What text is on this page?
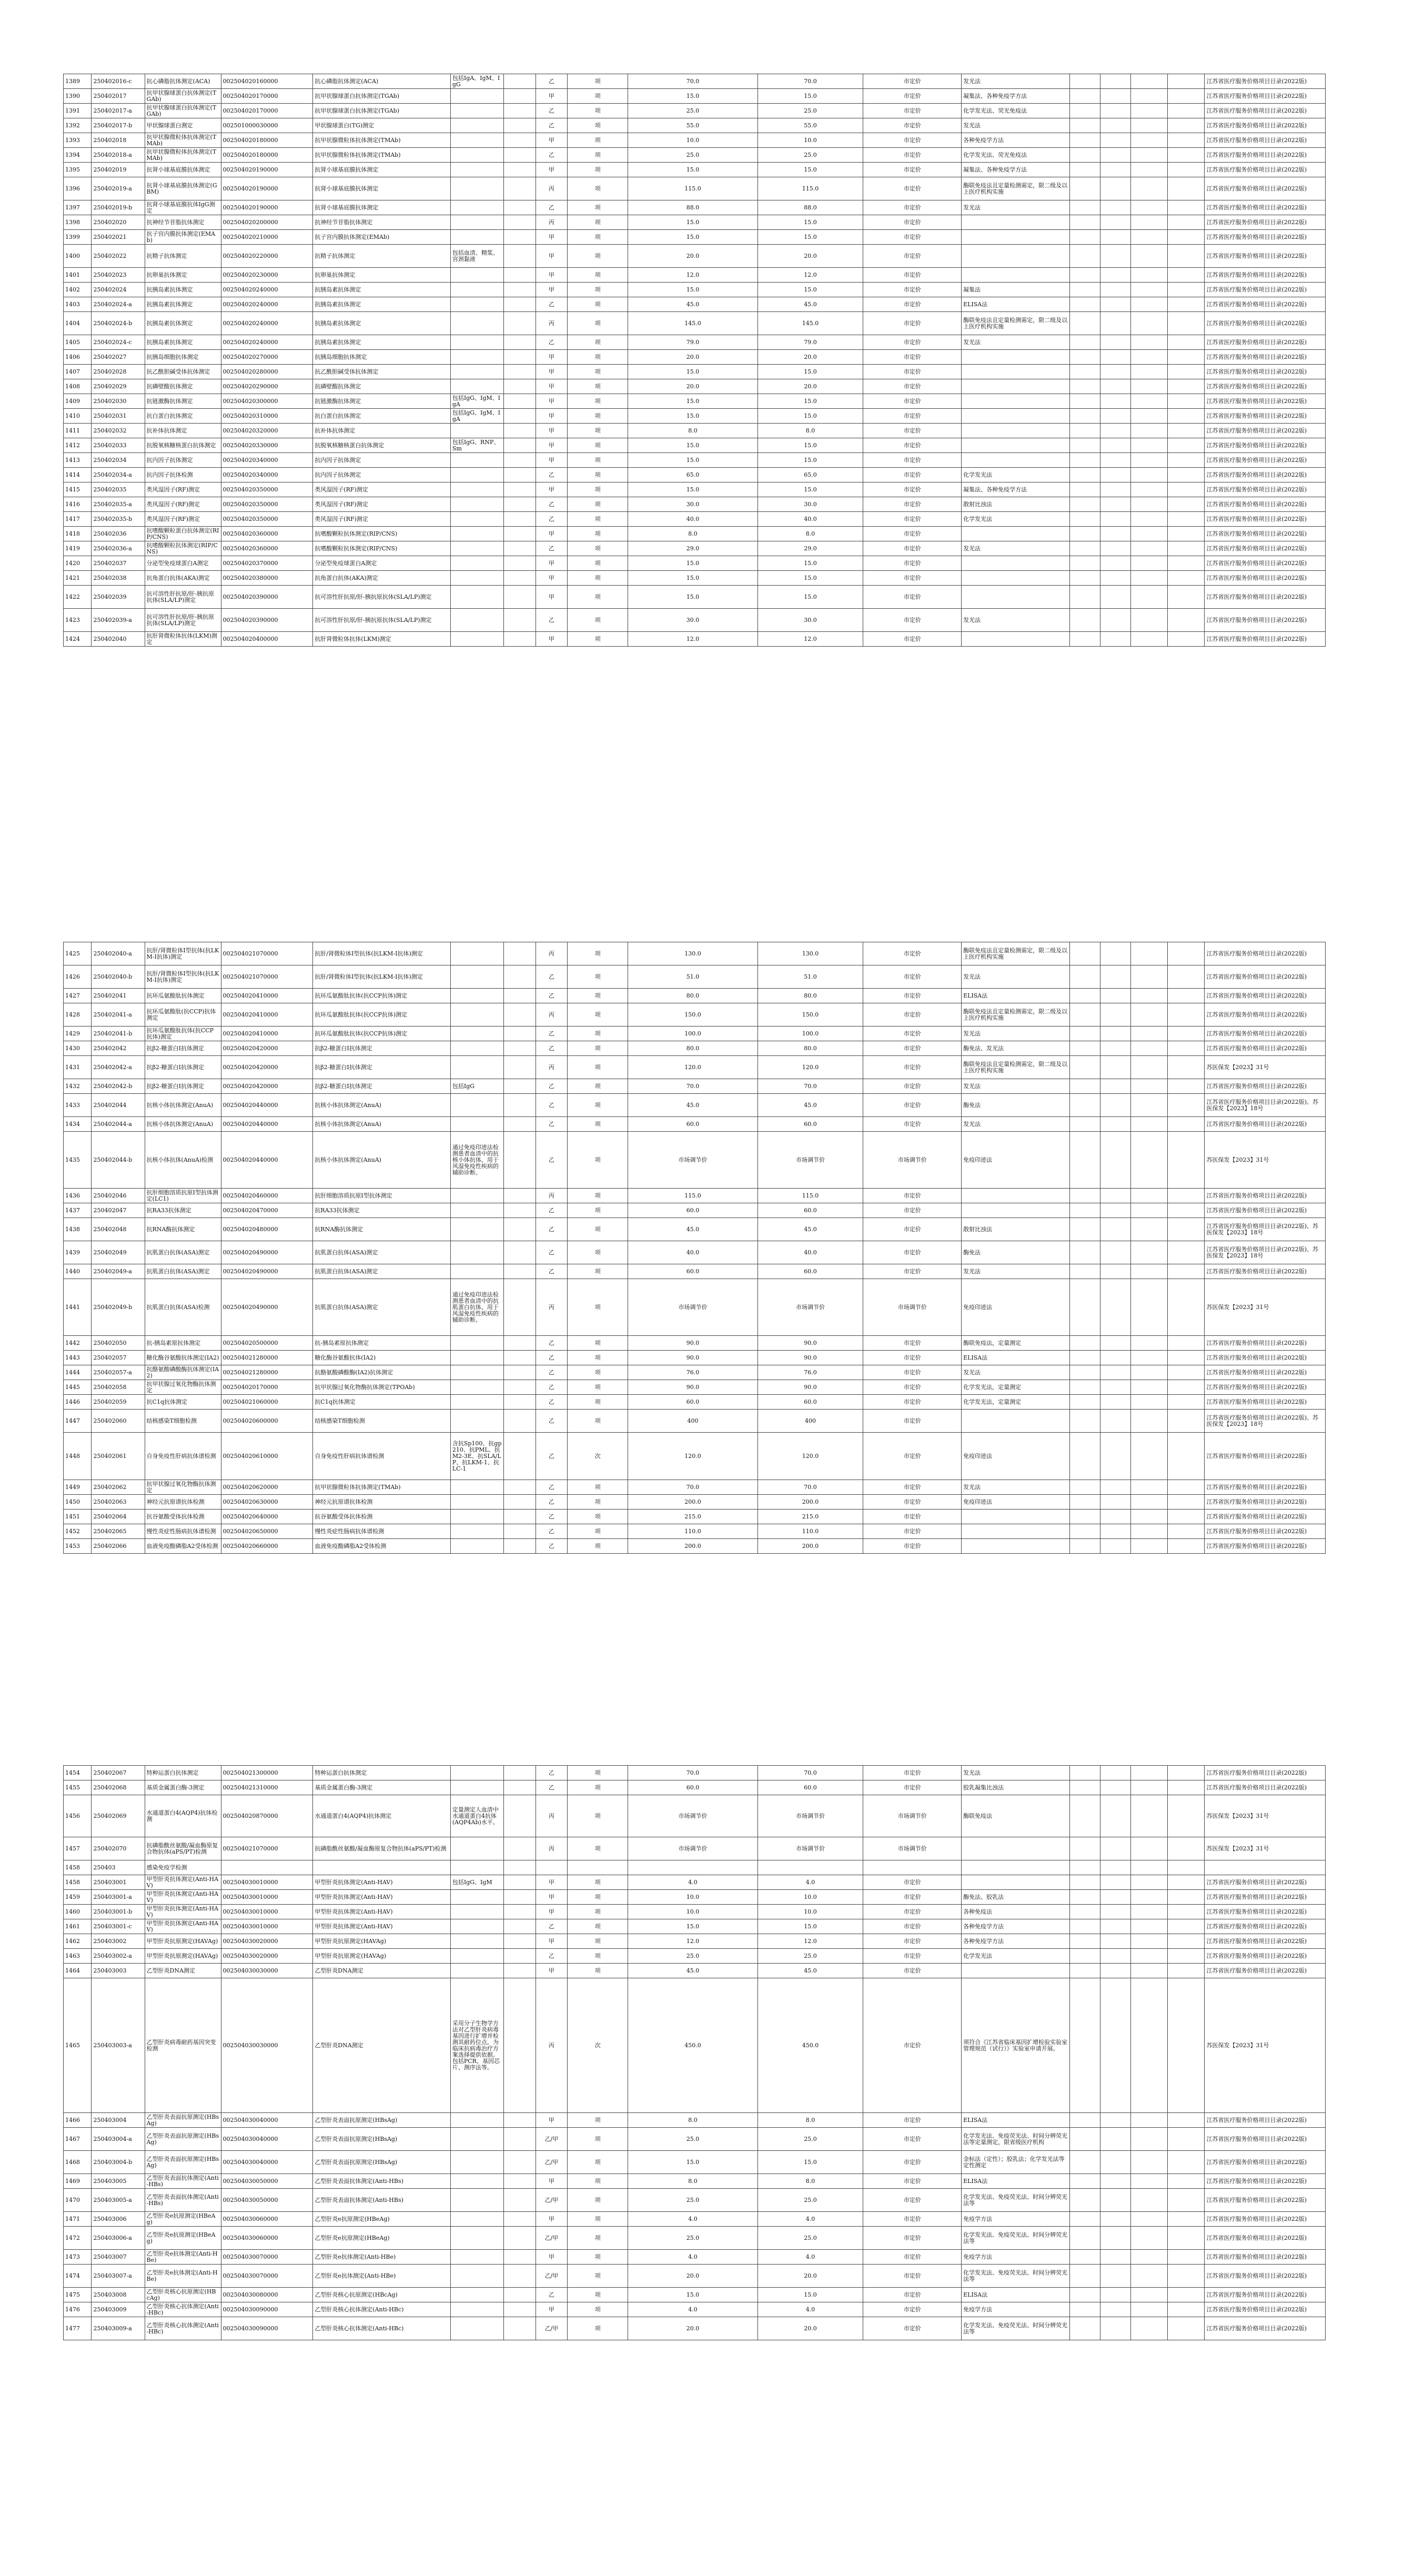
1389	250402016-c	抗心磷脂抗体测定(ACA)	002504020160000	抗心磷脂抗体测定(ACA)	包括IgA、IgM、IgG		乙	项	70.0	70.0	市定价	发光法					江苏省医疗服务价格项目目录(2022版)
1390	250402017	抗甲状腺球蛋白抗体测定(TGAb)	002504020170000	抗甲状腺球蛋白抗体测定(TGAb)			甲	项	15.0	15.0	市定价	凝集法、各种免疫学方法					江苏省医疗服务价格项目目录(2022版)
1391	250402017-a	抗甲状腺球蛋白抗体测定(TGAb)	002504020170000	抗甲状腺球蛋白抗体测定(TGAb)			乙	项	25.0	25.0	市定价	化学发光法、荧光免疫法					江苏省医疗服务价格项目目录(2022版)
1392	250402017-b	甲状腺球蛋白测定	002501000030000	甲状腺球蛋白(TG)测定			乙	项	55.0	55.0	市定价	发光法					江苏省医疗服务价格项目目录(2022版)
1393	250402018	抗甲状腺微粒体抗体测定(TMAb)	002504020180000	抗甲状腺微粒体抗体测定(TMAb)			甲	项	10.0	10.0	市定价	各种免疫学方法					江苏省医疗服务价格项目目录(2022版)
1394	250402018-a	抗甲状腺微粒体抗体测定(TMAb)	002504020180000	抗甲状腺微粒体抗体测定(TMAb)			乙	项	25.0	25.0	市定价	化学发光法、荧光免疫法					江苏省医疗服务价格项目目录(2022版)
1395	250402019	抗肾小球基底膜抗体测定	002504020190000	抗肾小球基底膜抗体测定			甲	项	15.0	15.0	市定价	凝集法、各种免疫学方法					江苏省医疗服务价格项目目录(2022版)
1396	250402019-a	抗肾小球基底膜抗体测定(GBM)	002504020190000	抗肾小球基底膜抗体测定			丙	项	115.0	115.0	市定价	酶联免疫法且定量检测需定，限二级及以上医疗机构实施					江苏省医疗服务价格项目目录(2022版)
1397	250402019-b	抗肾小球基底膜抗体IgG测定	002504020190000	抗肾小球基底膜抗体测定			乙	项	88.0	88.0	市定价	发光法					江苏省医疗服务价格项目目录(2022版)
1398	250402020	抗神经节苷脂抗体测定	002504020200000	抗神经节苷脂抗体测定			丙	项	15.0	15.0	市定价						江苏省医疗服务价格项目目录(2022版)
1399	250402021	抗子宫内膜抗体测定(EMAb)	002504020210000	抗子宫内膜抗体测定(EMAb)			甲	项	15.0	15.0	市定价						江苏省医疗服务价格项目目录(2022版)
1400	250402022	抗精子抗体测定	002504020220000	抗精子抗体测定	包括血清、精浆、宫颈黏液		甲	项	20.0	20.0	市定价						江苏省医疗服务价格项目目录(2022版)
1401	250402023	抗卵巢抗体测定	002504020230000	抗卵巢抗体测定			甲	项	12.0	12.0	市定价						江苏省医疗服务价格项目目录(2022版)
1402	250402024	抗胰岛素抗体测定	002504020240000	抗胰岛素抗体测定			甲	项	15.0	15.0	市定价	凝集法					江苏省医疗服务价格项目目录(2022版)
1403	250402024-a	抗胰岛素抗体测定	002504020240000	抗胰岛素抗体测定			乙	项	45.0	45.0	市定价	ELISA法					江苏省医疗服务价格项目目录(2022版)
1404	250402024-b	抗胰岛素抗体测定	002504020240000	抗胰岛素抗体测定			丙	项	145.0	145.0	市定价	酶联免疫法且定量检测需定，限二级及以上医疗机构实施					江苏省医疗服务价格项目目录(2022版)
1405	250402024-c	抗胰岛素抗体测定	002504020240000	抗胰岛素抗体测定			乙	项	79.0	79.0	市定价	发光法					江苏省医疗服务价格项目目录(2022版)
1406	250402027	抗胰岛细胞抗体测定	002504020270000	抗胰岛细胞抗体测定			甲	项	20.0	20.0	市定价						江苏省医疗服务价格项目目录(2022版)
1407	250402028	抗乙酰胆碱受体抗体测定	002504020280000	抗乙酰胆碱受体抗体测定			甲	项	15.0	15.0	市定价						江苏省医疗服务价格项目目录(2022版)
1408	250402029	抗磷壁酸抗体测定	002504020290000	抗磷壁酸抗体测定			甲	项	20.0	20.0	市定价						江苏省医疗服务价格项目目录(2022版)
1409	250402030	抗链激酶抗体测定	002504020300000	抗链激酶抗体测定	包括IgG、IgM、IgA		甲	项	15.0	15.0	市定价						江苏省医疗服务价格项目目录(2022版)
1410	250402031	抗白蛋白抗体测定	002504020310000	抗白蛋白抗体测定	包括IgG、IgM、IgA		甲	项	15.0	15.0	市定价						江苏省医疗服务价格项目目录(2022版)
1411	250402032	抗补体抗体测定	002504020320000	抗补体抗体测定			甲	项	8.0	8.0	市定价						江苏省医疗服务价格项目目录(2022版)
1412	250402033	抗脱氧核糖核蛋白抗体测定	002504020330000	抗脱氧核糖核蛋白抗体测定	包括IgG、RNP、Sm		甲	项	15.0	15.0	市定价						江苏省医疗服务价格项目目录(2022版)
1413	250402034	抗内因子抗体测定	002504020340000	抗内因子抗体测定			甲	项	15.0	15.0	市定价						江苏省医疗服务价格项目目录(2022版)
1414	250402034-a	抗内因子抗体检测	002504020340000	抗内因子抗体测定			乙	项	65.0	65.0	市定价	化学发光法					江苏省医疗服务价格项目目录(2022版)
1415	250402035	类风湿因子(RF)测定	002504020350000	类风湿因子(RF)测定			甲	项	15.0	15.0	市定价	凝集法、各种免疫学方法					江苏省医疗服务价格项目目录(2022版)
1416	250402035-a	类风湿因子(RF)测定	002504020350000	类风湿因子(RF)测定			乙	项	30.0	30.0	市定价	散射比浊法					江苏省医疗服务价格项目目录(2022版)
1417	250402035-b	类风湿因子(RF)测定	002504020350000	类风湿因子(RF)测定			乙	项	40.0	40.0	市定价	化学发光法					江苏省医疗服务价格项目目录(2022版)
1418	250402036	抗嗜酸颗粒蛋白抗体测定(RIP/CNS)	002504020360000	抗嗜酸颗粒抗体测定(RIP/CNS)			甲	项	8.0	8.0	市定价						江苏省医疗服务价格项目目录(2022版)
1419	250402036-a	抗嗜酸颗粒抗体测定(RIP/CNS)	002504020360000	抗嗜酸颗粒抗体测定(RIP/CNS)			乙	项	29.0	29.0	市定价	发光法					江苏省医疗服务价格项目目录(2022版)
1420	250402037	分泌型免疫球蛋白A测定	002504020370000	分泌型免疫球蛋白A测定			甲	项	15.0	15.0	市定价						江苏省医疗服务价格项目目录(2022版)
1421	250402038	抗角蛋白抗体(AKA)测定	002504020380000	抗角蛋白抗体(AKA)测定			甲	项	15.0	15.0	市定价						江苏省医疗服务价格项目目录(2022版)
1422	250402039	抗可溶性肝抗原/肝-胰抗原抗体(SLA/LP)测定	002504020390000	抗可溶性肝抗原/肝-胰抗原抗体(SLA/LP)测定			甲	项	15.0	15.0	市定价						江苏省医疗服务价格项目目录(2022版)
1423	250402039-a	抗可溶性肝抗原/肝-胰抗原抗体(SLA/LP)测定	002504020390000	抗可溶性肝抗原/肝-胰抗原抗体(SLA/LP)测定			乙	项	30.0	30.0	市定价	发光法					江苏省医疗服务价格项目目录(2022版)
1424	250402040	抗肝肾微粒体抗体(LKM)测定	002504020400000	抗肝肾微粒体抗体(LKM)测定			甲	项	12.0	12.0	市定价						江苏省医疗服务价格项目目录(2022版)
1425	250402040-a	抗肝/肾微粒体I型抗体(抗LKM-I抗体)测定	002504021070000	抗肝/肾微粒体I型抗体(抗LKM-I抗体)测定			丙	项	130.0	130.0	市定价	酶联免疫法且定量检测需定，限二级及以上医疗机构实施					江苏省医疗服务价格项目目录(2022版)
1426	250402040-b	抗肝/肾微粒体I型抗体(抗LKM-I抗体)测定	002504021070000	抗肝/肾微粒体I型抗体(抗LKM-I抗体)测定			乙	项	51.0	51.0	市定价	发光法					江苏省医疗服务价格项目目录(2022版)
1427	250402041	抗环瓜氨酸肽抗体测定	002504020410000	抗环瓜氨酸肽抗体(抗CCP抗体)测定			乙	项	80.0	80.0	市定价	ELISA法					江苏省医疗服务价格项目目录(2022版)
1428	250402041-a	抗环瓜氨酸肽(抗CCP)抗体测定	002504020410000	抗环瓜氨酸肽抗体(抗CCP抗体)测定			丙	项	150.0	150.0	市定价	酶联免疫法且定量检测需定，限二级及以上医疗机构实施					江苏省医疗服务价格项目目录(2022版)
1429	250402041-b	抗环瓜氨酸肽抗体(抗CCP抗体)测定	002504020410000	抗环瓜氨酸肽抗体(抗CCP抗体)测定			乙	项	100.0	100.0	市定价	发光法					江苏省医疗服务价格项目目录(2022版)
1430	250402042	抗β2-糖蛋白I抗体测定	002504020420000	抗β2-糖蛋白I抗体测定			乙	项	80.0	80.0	市定价	酶免法、发光法					江苏省医疗服务价格项目目录(2022版)
1431	250402042-a	抗β2-糖蛋白I抗体测定	002504020420000	抗β2-糖蛋白I抗体测定			丙	项	120.0	120.0	市定价	酶联免疫法且定量检测需定，限二级及以上医疗机构实施					苏医保发【2023】31号
1432	250402042-b	抗β2-糖蛋白I抗体测定	002504020420000	抗β2-糖蛋白I抗体测定	包括IgG		乙	项	70.0	70.0	市定价	发光法					江苏省医疗服务价格项目目录(2022版)
1433	250402044	抗核小体抗体测定(AnuA)	002504020440000	抗核小体抗体测定(AnuA)			乙	项	45.0	45.0	市定价	酶免法					江苏省医疗服务价格项目目录(2022版)、苏医保发【2023】18号
1434	250402044-a	抗核小体抗体测定(AnuA)	002504020440000	抗核小体抗体测定(AnuA)			乙	项	60.0	60.0	市定价	发光法					江苏省医疗服务价格项目目录(2022版)
1435	250402044-b	抗核小体抗体(AnuA)检测	002504020440000	抗核小体抗体测定(AnuA)	通过免疫印迹法检测患者血清中的抗核小体抗体，用于风湿免疫性疾病的辅助诊断。		乙	项	市场调节价	市场调节价	市场调节价	免疫印迹法					苏医保发【2023】31号
1436	250402046	抗肝细胞溶质抗原I型抗体测定(LC1)	002504020460000	抗肝细胞溶质抗原I型抗体测定			丙	项	115.0	115.0	市定价						江苏省医疗服务价格项目目录(2022版)
1437	250402047	抗RA33抗体测定	002504020470000	抗RA33抗体测定			乙	项	60.0	60.0	市定价						江苏省医疗服务价格项目目录(2022版)
1438	250402048	抗RNA酶抗体测定	002504020480000	抗RNA酶抗体测定			乙	项	45.0	45.0	市定价	散射比浊法					江苏省医疗服务价格项目目录(2022版)、苏医保发【2023】18号
1439	250402049	抗肌蛋白抗体(ASA)测定	002504020490000	抗肌蛋白抗体(ASA)测定			乙	项	40.0	40.0	市定价	酶免法					江苏省医疗服务价格项目目录(2022版)、苏医保发【2023】18号
1440	250402049-a	抗肌蛋白抗体(ASA)测定	002504020490000	抗肌蛋白抗体(ASA)测定			乙	项	60.0	60.0	市定价	发光法					江苏省医疗服务价格项目目录(2022版)
1441	250402049-b	抗肌蛋白抗体(ASA)检测	002504020490000	抗肌蛋白抗体(ASA)测定	通过免疫印迹法检测患者血清中的抗肌蛋白抗体，用于风湿免疫性疾病的辅助诊断。		丙	项	市场调节价	市场调节价	市场调节价	免疫印迹法					苏医保发【2023】31号
1442	250402050	抗-胰岛素原抗体测定	002504020500000	抗-胰岛素原抗体测定			乙	项	90.0	90.0	市定价	酶联免疫法，定量测定					江苏省医疗服务价格项目目录(2022版)
1443	250402057	糖化酶谷氨酸抗体测定(IA2)	002504021280000	糖化酶谷氨酸抗体(IA2)			乙	项	90.0	90.0	市定价	ELISA法					江苏省医疗服务价格项目目录(2022版)
1444	250402057-a	抗酪氨酸磷酸酶抗体测定(IA2)	002504021280000	抗酪氨酸磷酸酶(IA2)抗体测定			乙	项	76.0	76.0	市定价	发光法					江苏省医疗服务价格项目目录(2022版)
1445	250402058	抗甲状腺过氧化物酶抗体测定	002504020170000	抗甲状腺过氧化物酶抗体测定(TPOAb)			乙	项	90.0	90.0	市定价	化学发光法，定量测定					江苏省医疗服务价格项目目录(2022版)
1446	250402059	抗C1q抗体测定	002504021060000	抗C1q抗体测定			乙	项	60.0	60.0	市定价	化学发光法，定量测定					江苏省医疗服务价格项目目录(2022版)
1447	250402060	结核感染T细胞检测	002504020600000	结核感染T细胞检测			乙	项	400	400	市定价						江苏省医疗服务价格项目目录(2022版)、苏医保发【2023】18号
1448	250402061	自身免疫性肝病抗体谱检测	002504020610000	自身免疫性肝病抗体谱检测	含抗Sp100、抗gp210、抗PML、抗M2-3E、抗SLA/LP、抗LKM-1、抗LC-1		乙	次	120.0	120.0	市定价	免疫印迹法					江苏省医疗服务价格项目目录(2022版)
1449	250402062	抗甲状腺过氧化物酶抗体测定	002504020620000	抗甲状腺微粒体抗体测定(TMAb)			乙	项	70.0	70.0	市定价	发光法					江苏省医疗服务价格项目目录(2022版)
1450	250402063	神经元抗原谱抗体检测	002504020630000	神经元抗原谱抗体检测			乙	项	200.0	200.0	市定价	免疫印迹法					江苏省医疗服务价格项目目录(2022版)
1451	250402064	抗谷氨酸受体抗体检测	002504020640000	抗谷氨酸受体抗体检测			乙	项	215.0	215.0	市定价						江苏省医疗服务价格项目目录(2022版)
1452	250402065	慢性炎症性肠病抗体谱检测	002504020650000	慢性炎症性肠病抗体谱检测			乙	项	110.0	110.0	市定价						江苏省医疗服务价格项目目录(2022版)
1453	250402066	血液免疫酸磷脂A2受体检测	002504020660000	血液免疫酸磷脂A2受体检测			乙	项	200.0	200.0	市定价						江苏省医疗服务价格项目目录(2022版)
1454	250402067	特种运蛋白抗体测定	002504021300000	特种运蛋白抗体测定			乙	项	70.0	70.0	市定价	发光法					江苏省医疗服务价格项目目录(2022版)
1455	250402068	基质金属蛋白酶-3测定	002504021310000	基质金属蛋白酶-3测定			乙	项	60.0	60.0	市定价	胶乳凝集比浊法					江苏省医疗服务价格项目目录(2022版)
1456	250402069	水通道蛋白4(AQP4)抗体检测	002504020870000	水通道蛋白4(AQP4)抗体测定	定量测定人血清中水通道蛋白4抗体(AQP4Ab)水平。		丙	项	市场调节价	市场调节价	市场调节价	酶联免疫法					苏医保发【2023】31号
1457	250402070	抗磷脂酰丝氨酸/凝血酶原复合物抗体(aPS/PT)检测	002504021070000	抗磷脂酰丝氨酸/凝血酶原复合物抗体(aPS/PT)检测			丙	项	市场调节价	市场调节价	市场调节价						苏医保发【2023】31号
1458	250403	感染免疫学检测															
1458	250403001	甲型肝炎抗体测定(Anti-HAV)	002504030010000	甲型肝炎抗体测定(Anti-HAV)	包括IgG、IgM		甲	项	4.0	4.0	市定价						江苏省医疗服务价格项目目录(2022版)
1459	250403001-a	甲型肝炎抗体测定(Anti-HAV)	002504030010000	甲型肝炎抗体测定(Anti-HAV)			甲	项	10.0	10.0	市定价	酶免法、胶乳法					江苏省医疗服务价格项目目录(2022版)
1460	250403001-b	甲型肝炎抗体测定(Anti-HAV)	002504030010000	甲型肝炎抗体测定(Anti-HAV)			甲	项	10.0	10.0	市定价	各种免疫法					江苏省医疗服务价格项目目录(2022版)
1461	250403001-c	甲型肝炎抗体测定(Anti-HAV)	002504030010000	甲型肝炎抗体测定(Anti-HAV)			乙	项	15.0	15.0	市定价	各种免疫学方法					江苏省医疗服务价格项目目录(2022版)
1462	250403002	甲型肝炎抗原测定(HAVAg)	002504030020000	甲型肝炎抗原测定(HAVAg)			甲	项	12.0	12.0	市定价	各种免疫学方法					江苏省医疗服务价格项目目录(2022版)
1463	250403002-a	甲型肝炎抗原测定(HAVAg)	002504030020000	甲型肝炎抗原测定(HAVAg)			乙	项	25.0	25.0	市定价	化学发光法					江苏省医疗服务价格项目目录(2022版)
1464	250403003	乙型肝炎DNA测定	002504030030000	乙型肝炎DNA测定			甲	项	45.0	45.0	市定价						江苏省医疗服务价格项目目录(2022版)
1465	250403003-a	乙型肝炎病毒耐药基因突变检测	002504030030000	乙型肝炎DNA测定	采用分子生物学方法对乙型肝炎病毒基因进行扩增并检测其耐药位点，为临床抗病毒治疗方案选择提供依据。包括PCR、基因芯片、测序法等。		丙	次	450.0	450.0	市定价	须符合《江苏省临床基因扩增检验实验室管理规范（试行）》实验室申请开展。					苏医保发【2023】31号
1466	250403004	乙型肝炎表面抗原测定(HBsAg)	002504030040000	乙型肝炎表面抗原测定(HBsAg)			甲	项	8.0	8.0	市定价	ELISA法					江苏省医疗服务价格项目目录(2022版)
1467	250403004-a	乙型肝炎表面抗原测定(HBsAg)	002504030040000	乙型肝炎表面抗原测定(HBsAg)			乙/甲	项	25.0	25.0	市定价	化学发光法、免疫荧光法、时间分辨荧光法等定量测定，限省级医疗机构					江苏省医疗服务价格项目目录(2022版)
1468	250403004-b	乙型肝炎表面抗原测定(HBsAg)	002504030040000	乙型肝炎表面抗原测定(HBsAg)			乙/甲	项	15.0	15.0	市定价	金标法（定性）；胶乳法；化学发光法等定性测定					江苏省医疗服务价格项目目录(2022版)
1469	250403005	乙型肝炎表面抗体测定(Anti-HBs)	002504030050000	乙型肝炎表面抗体测定(Anti-HBs)			甲	项	8.0	8.0	市定价	ELISA法					江苏省医疗服务价格项目目录(2022版)
1470	250403005-a	乙型肝炎表面抗体测定(Anti-HBs)	002504030050000	乙型肝炎表面抗体测定(Anti-HBs)			乙/甲	项	25.0	25.0	市定价	化学发光法、免疫荧光法、时间分辨荧光法等					江苏省医疗服务价格项目目录(2022版)
1471	250403006	乙型肝炎e抗原测定(HBeAg)	002504030060000	乙型肝炎e抗原测定(HBeAg)			甲	项	4.0	4.0	市定价	免疫学方法					江苏省医疗服务价格项目目录(2022版)
1472	250403006-a	乙型肝炎e抗原测定(HBeAg)	002504030060000	乙型肝炎e抗原测定(HBeAg)			乙/甲	项	25.0	25.0	市定价	化学发光法、免疫荧光法、时间分辨荧光法等					江苏省医疗服务价格项目目录(2022版)
1473	250403007	乙型肝炎e抗体测定(Anti-HBe)	002504030070000	乙型肝炎e抗体测定(Anti-HBe)			甲	项	4.0	4.0	市定价	免疫学方法					江苏省医疗服务价格项目目录(2022版)
1474	250403007-a	乙型肝炎e抗体测定(Anti-HBe)	002504030070000	乙型肝炎e抗体测定(Anti-HBe)			乙/甲	项	20.0	20.0	市定价	化学发光法、免疫荧光法、时间分辨荧光法等					江苏省医疗服务价格项目目录(2022版)
1475	250403008	乙型肝炎核心抗原测定(HBcAg)	002504030080000	乙型肝炎核心抗原测定(HBcAg)			乙	项	15.0	15.0	市定价	ELISA法					江苏省医疗服务价格项目目录(2022版)
1476	250403009	乙型肝炎核心抗体测定(Anti-HBc)	002504030090000	乙型肝炎核心抗体测定(Anti-HBc)			甲	项	4.0	4.0	市定价	免疫学方法					江苏省医疗服务价格项目目录(2022版)
1477	250403009-a	乙型肝炎核心抗体测定(Anti-HBc)	002504030090000	乙型肝炎核心抗体测定(Anti-HBc)			乙/甲	项	20.0	20.0	市定价	化学发光法、免疫荧光法、时间分辨荧光法等					江苏省医疗服务价格项目目录(2022版)
